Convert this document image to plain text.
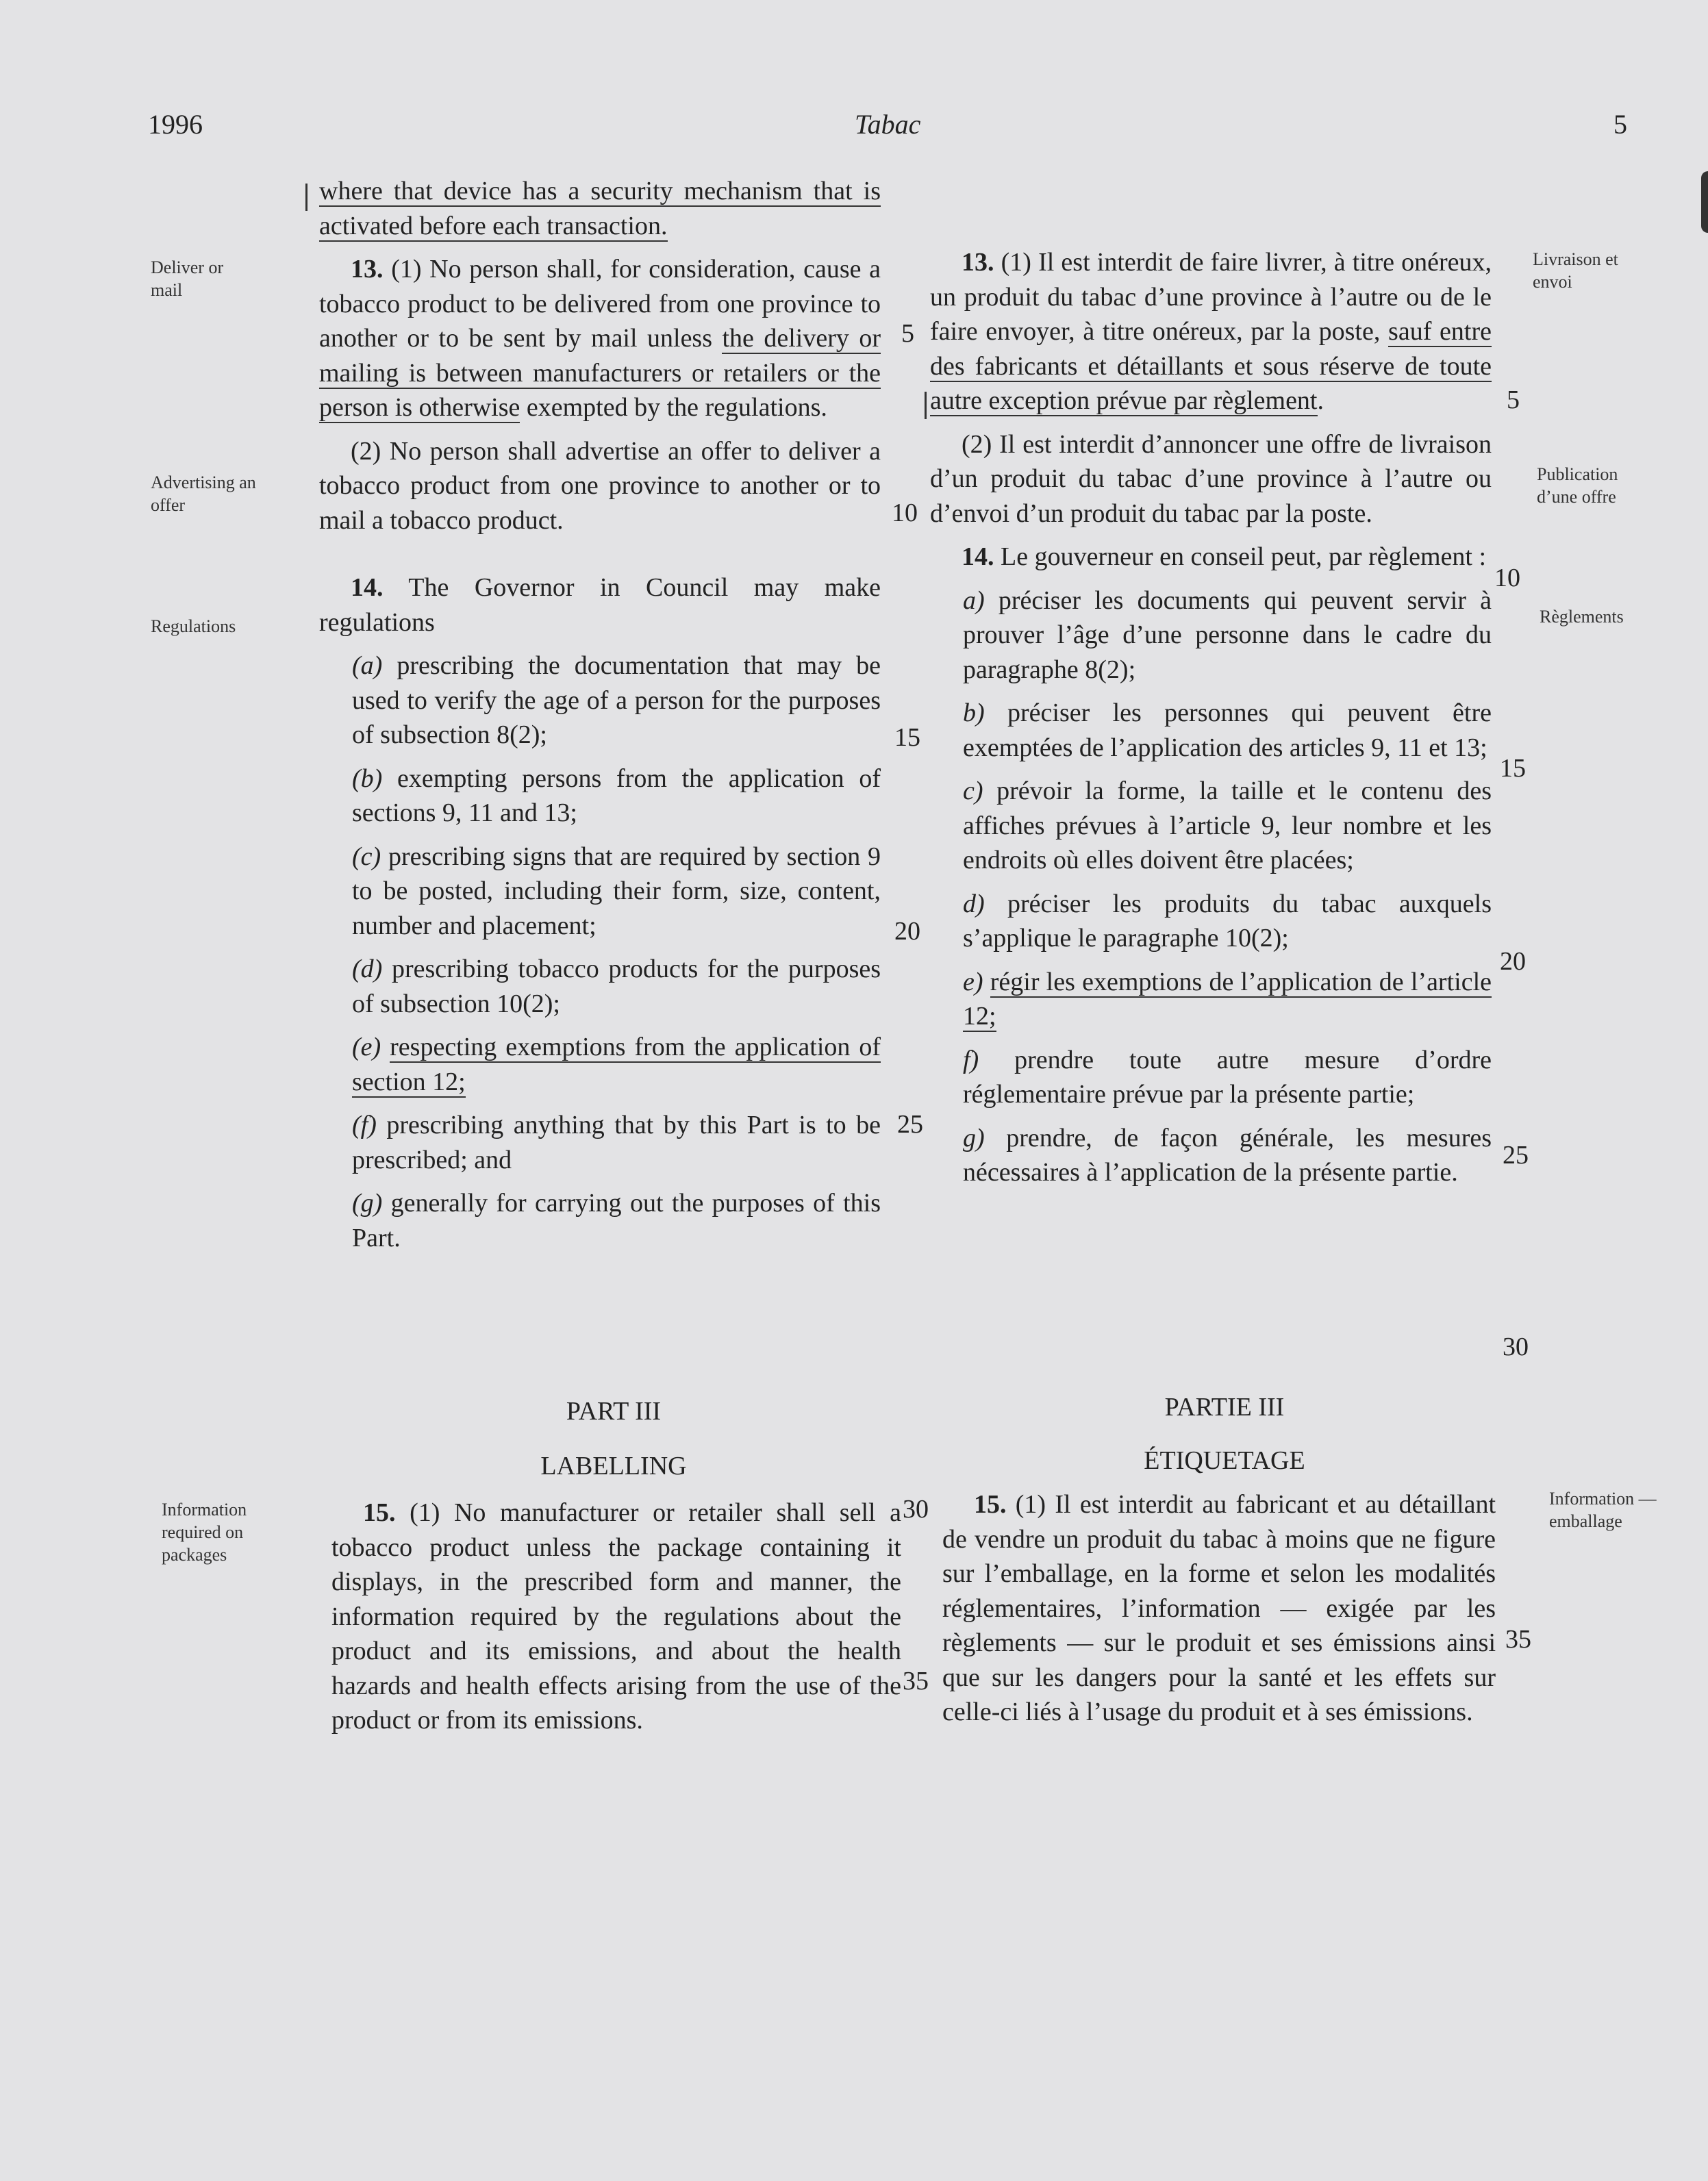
1996	Tabac	5

where that device has a security mechanism that is activated before each transaction.

13. (1) No person shall, for consideration, cause a tobacco product to be delivered from one province to another or to be sent by mail unless the delivery or mailing is between manufacturers or retailers or the person is otherwise exempted by the regulations.

(2) No person shall advertise an offer to deliver a tobacco product from one province to another or to mail a tobacco product.

14. The Governor in Council may make regulations

(a) prescribing the documentation that may be used to verify the age of a person for the purposes of subsection 8(2);

(b) exempting persons from the application of sections 9, 11 and 13;

(c) prescribing signs that are required by section 9 to be posted, including their form, size, content, number and placement;

(d) prescribing tobacco products for the purposes of subsection 10(2);

(e) respecting exemptions from the application of section 12;

(f) prescribing anything that by this Part is to be prescribed; and

(g) generally for carrying out the purposes of this Part.

PART III
LABELLING

15. (1) No manufacturer or retailer shall sell a tobacco product unless the package containing it displays, in the prescribed form and manner, the information required by the regulations about the product and its emissions, and about the health hazards and health effects arising from the use of the product or from its emissions.

13. (1) Il est interdit de faire livrer, à titre onéreux, un produit du tabac d’une province à l’autre ou de le faire envoyer, à titre onéreux, par la poste, sauf entre des fabricants et détaillants et sous réserve de toute autre exception prévue par règlement.

(2) Il est interdit d’annoncer une offre de livraison d’un produit du tabac d’une province à l’autre ou d’envoi d’un produit du tabac par la poste.

14. Le gouverneur en conseil peut, par règlement :

a) préciser les documents qui peuvent servir à prouver l’âge d’une personne dans le cadre du paragraphe 8(2);

b) préciser les personnes qui peuvent être exemptées de l’application des articles 9, 11 et 13;

c) prévoir la forme, la taille et le contenu des affiches prévues à l’article 9, leur nombre et les endroits où elles doivent être placées;

d) préciser les produits du tabac auxquels s’applique le paragraphe 10(2);

e) régir les exemptions de l’application de l’article 12;

f) prendre toute autre mesure d’ordre réglementaire prévue par la présente partie;

g) prendre, de façon générale, les mesures nécessaires à l’application de la présente partie.

PARTIE III
ÉTIQUETAGE

15. (1) Il est interdit au fabricant et au détaillant de vendre un produit du tabac à moins que ne figure sur l’emballage, en la forme et selon les modalités réglementaires, l’information — exigée par les règlements — sur le produit et ses émissions ainsi que sur les dangers pour la santé et les effets sur celle-ci liés à l’usage du produit et à ses émissions.

Deliver or mail
Advertising an offer
Regulations
Information required on packages
Livraison et envoi
Publication d’une offre
Règlements
Information — emballage
5
10
15
20
25
30
35
5
10
15
20
25
30
35
